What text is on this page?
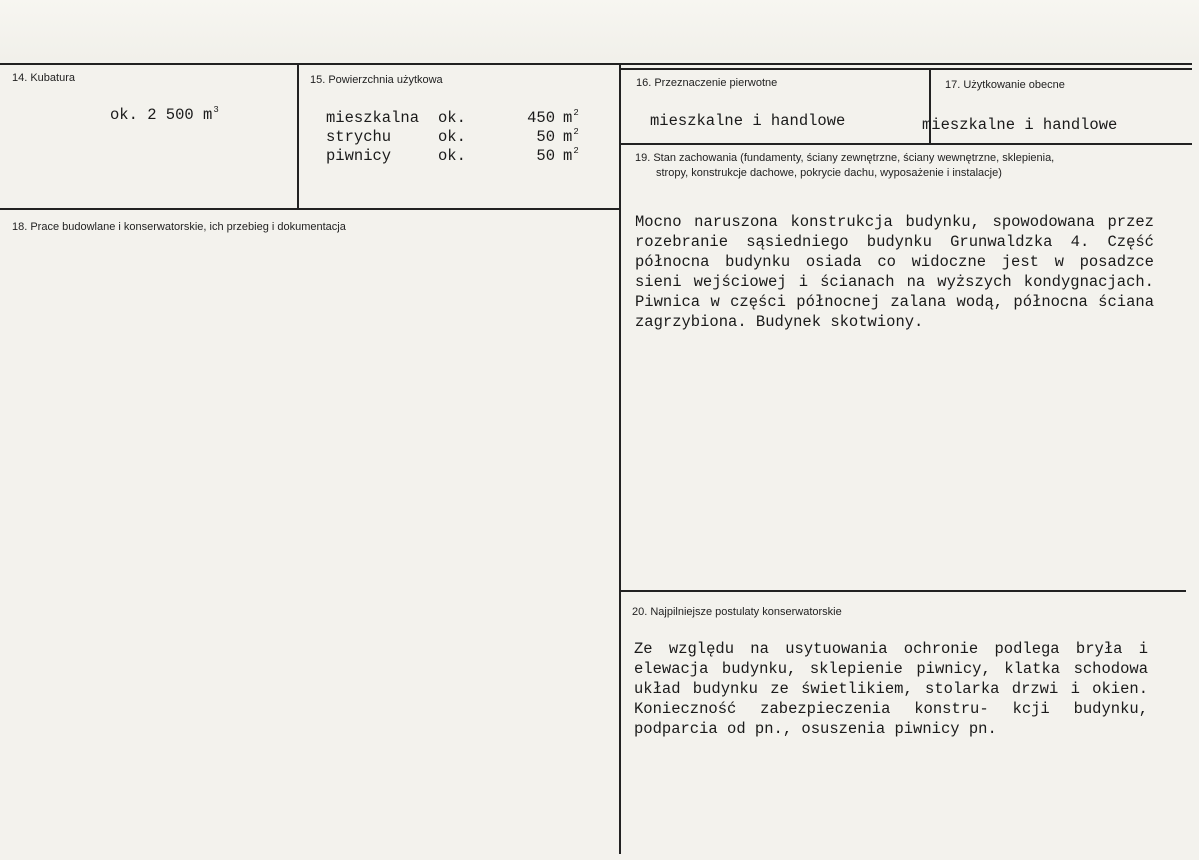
14. Kubatura
ok. 2 500 $m^3$
15. Powierzchnia użytkowa
mieszkalna ok.	450 $m^2$
strychu	ok.	50 $m^2$
piwnicy	ok.	50 $m^2$
16. Przeznaczenie pierwotne
mieszkalne i handlowe
17. Użytkowanie obecne
mieszkalne i handlowe
18. Prace budowlane i konserwatorskie, ich przebieg i dokumentacja
19. Stan zachowania (fundamenty, ściany zewnętrzne, ściany wewnętrzne, sklepienia,
stropy, konstrukcje dachowe, pokrycie dachu, wyposażenie i instalacje)
Mocno naruszona konstrukcja budynku, spowodowana przez rozebranie sąsiedniego budynku Grunwaldzka 4. Część północna budynku osiada co widoczne jest w posadzce sieni wejściowej i ścianach na wyższych kondygnacjach. Piwnica w części północnej zalana wodą, północna ściana zagrzybiona. Budynek skotwiony.
20. Najpilniejsze postulaty konserwatorskie
Ze względu na usytuowania ochronie podlega bryła i elewacja budynku, sklepienie piwnicy, klatka schodowa układ budynku ze świetlikiem, stolarka drzwi i okien. Konieczność zabezpieczenia konstru- kcji budynku, podparcia od pn., osuszenia piwnicy pn.
